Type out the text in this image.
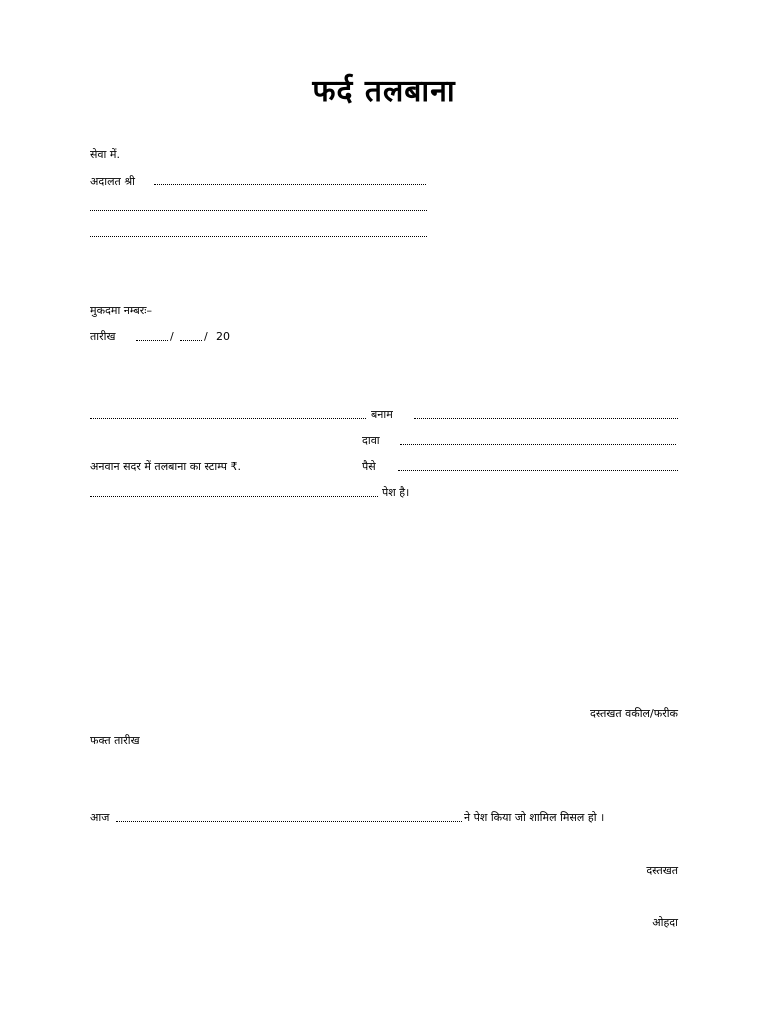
फर्द तलबाना
सेवा में.
अदालत श्री
मुकदमा नम्बरः–
तारीख	/	/ 20
बनाम
दावा
अनवान सदर में तलबाना का स्टाम्प ₹.	पैसे
पेश है।
दस्तखत वकील/फरीक
फक्त तारीख
आज	ने पेश किया जो शामिल मिसल हो ।
दस्तखत
ओहदा
